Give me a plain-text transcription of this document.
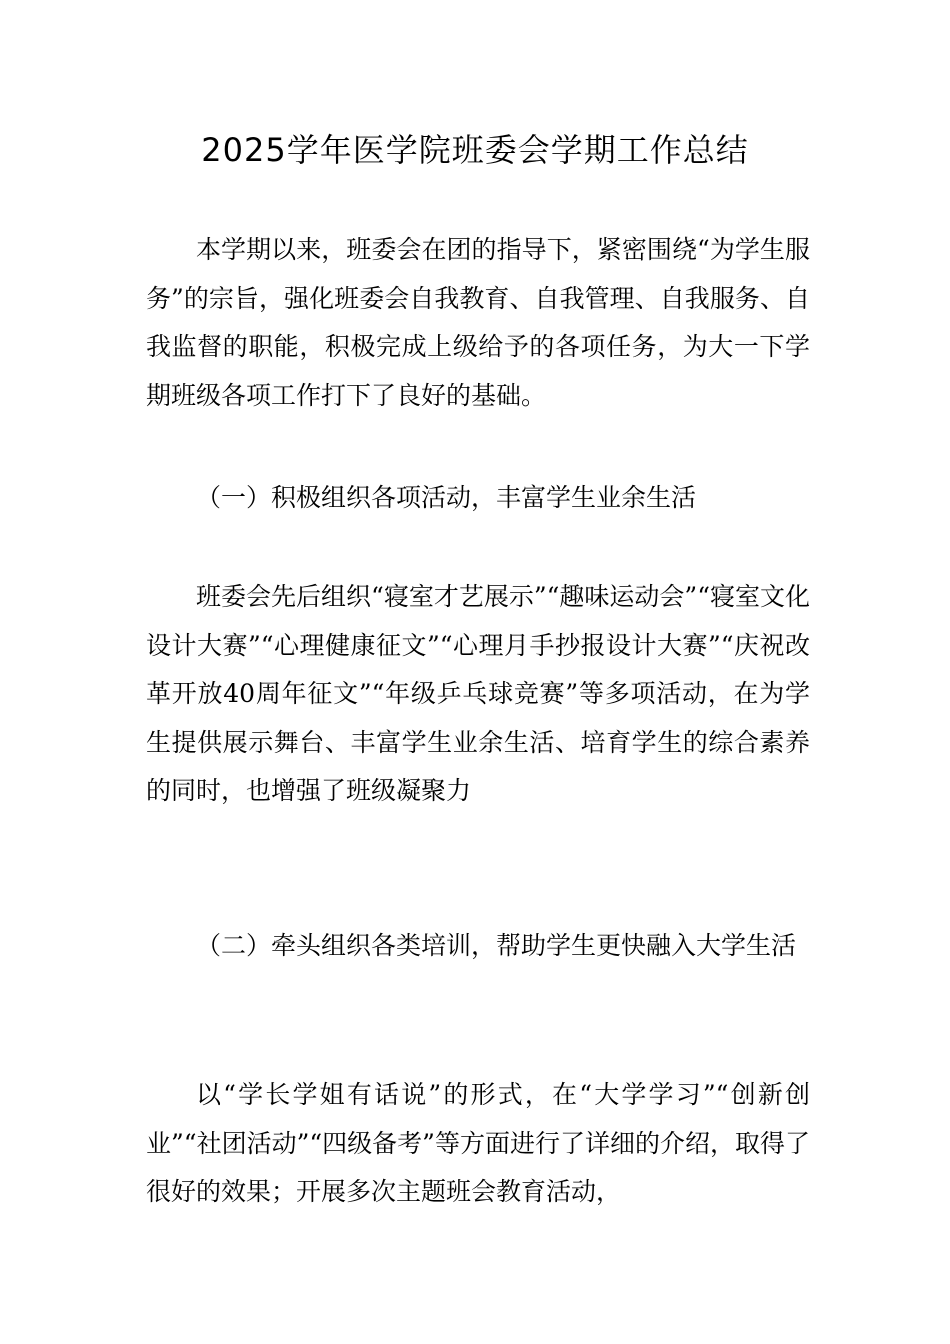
2025学年医学院班委会学期工作总结

本学期以来，班委会在团的指导下，紧密围绕“为学生服务”的宗旨，强化班委会自我教育、自我管理、自我服务、自我监督的职能，积极完成上级给予的各项任务，为大一下学期班级各项工作打下了良好的基础。

（一）积极组织各项活动，丰富学生业余生活

班委会先后组织“寝室才艺展示”“趣味运动会”“寝室文化设计大赛”“心理健康征文”“心理月手抄报设计大赛”“庆祝改革开放40周年征文”“年级乒乓球竞赛”等多项活动，在为学生提供展示舞台、丰富学生业余生活、培育学生的综合素养的同时，也增强了班级凝聚力

（二）牵头组织各类培训，帮助学生更快融入大学生活

以“学长学姐有话说”的形式，在“大学学习”“创新创业”“社团活动”“四级备考”等方面进行了详细的介绍，取得了很好的效果；开展多次主题班会教育活动，
